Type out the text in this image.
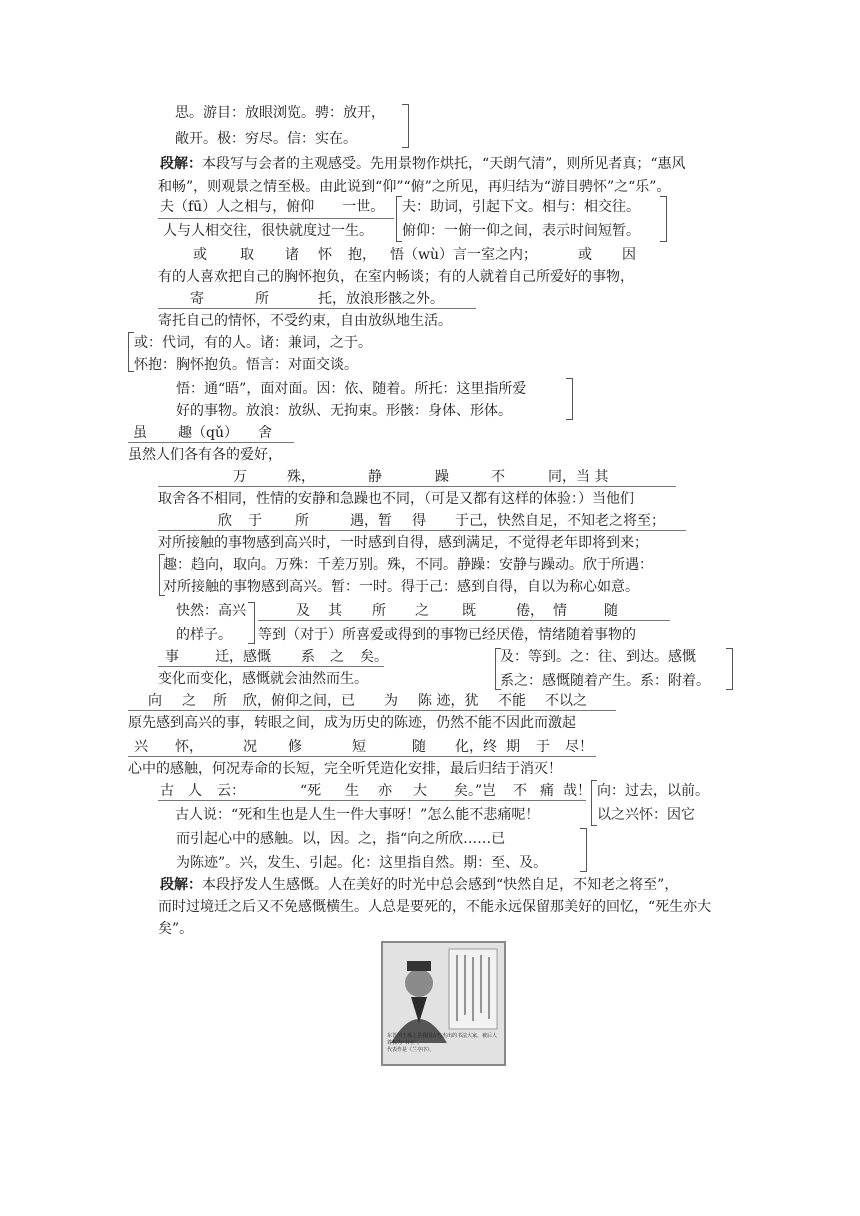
思。游目：放眼浏览。骋：放开，
敞开。极：穷尽。信：实在。
段解：本段写与会者的主观感受。先用景物作烘托，“天朗气清”，则所见者真；“惠风
和畅”，则观景之情至极。由此说到“仰”“俯”之所见，再归结为“游目骋怀”之“乐”。
夫（fū）人之相与，俯仰　　一世。
人与人相交往，很快就度过一生。
夫：助词，引起下文。相与：相交往。
俯仰：一俯一仰之间，表示时间短暂。
或 取 诸 怀 抱， 悟（wù）言一室之内；	或 因
有的人喜欢把自己的胸怀抱负，在室内畅谈；有的人就着自己所爱好的事物，
寄	所	托，放浪形骸之外。
寄托自己的情怀，不受约束，自由放纵地生活。
或：代词，有的人。诸：兼词，之于。
怀抱：胸怀抱负。悟言：对面交谈。
悟：通“晤”，面对面。因：依、随着。所托：这里指所爱
好的事物。放浪：放纵、无拘束。形骸：身体、形体。
虽 趣（qǔ） 舍
虽然人们各有各的爱好，
万	殊，	静	躁	不	同，当 其
取舍各不相同，性情的安静和急躁也不同，（可是又都有这样的体验：）当他们
欣 于 所	遇，暂 得 于己，快然自足，不知老之将至；
对所接触的事物感到高兴时，一时感到自得，感到满足，不觉得老年即将到来；
趣：趋向，取向。万殊：千差万别。殊，不同。静躁：安静与躁动。欣于所遇：
对所接触的事物感到高兴。暂：一时。得于己：感到自得，自以为称心如意。
快然：高兴
的样子。
及 其 所 之 既	倦， 情	随
等到（对于）所喜爱或得到的事物已经厌倦，情绪随着事物的
事	迁，感慨 系 之 矣。
变化而变化，感慨就会油然而生。
及：等到。之：往、到达。感慨
系之：感慨随着产生。系：附着。
向 之 所 欣，俯仰之间，已 为 陈 迹，犹 不能 不以之
原先感到高兴的事，转眼之间，成为历史的陈迹，仍然不能不因此而激起
兴 怀，	况 修	短	随 化，终 期 于 尽！
心中的感触，何况寿命的长短，完全听凭造化安排，最后归结于消灭！
古 人 云：	“死 生 亦 大 矣。”岂 不 痛 哉！
古人说：“死和生也是人生一件大事呀！”怎么能不悲痛呢！
向：过去，以前。
以之兴怀：因它
而引起心中的感触。以，因。之，指“向之所欣……已
为陈迹”。兴，发生、引起。化：这里指自然。期：至、及。
段解：本段抒发人生感慨。人在美好的时光中总会感到“快然自足，不知老之将至”，
而时过境迁之后又不免感慨横生。人总是要死的，不能永远保留那美好的回忆，“死生亦大
矣”。
东晋的王羲之是我国古代杰出的书法大家，被后人尊称为“书圣”。
代表作是《兰亭序》。
